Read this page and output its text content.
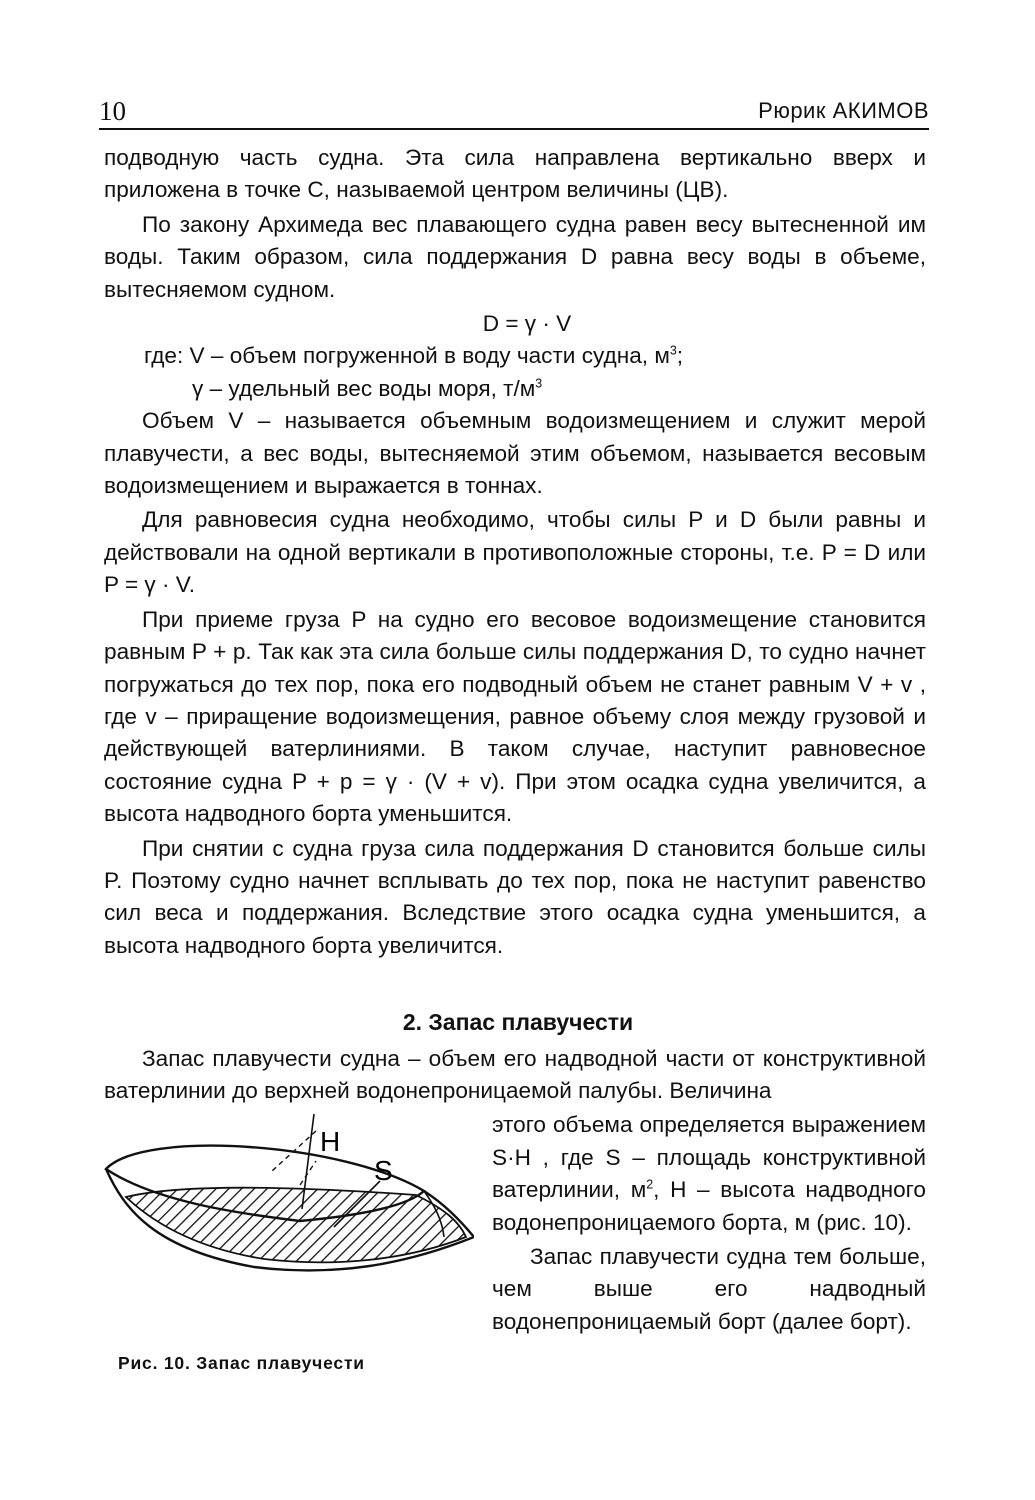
10	Рюрик АКИМОВ

подводную часть судна. Эта сила направлена вертикально вверх и приложена в точке С, называемой центром величины (ЦВ).

По закону Архимеда вес плавающего судна равен весу вытесненной им воды. Таким образом, сила поддержания D равна весу воды в объеме, вытесняемом судном.

D = γ · V

где: V – объем погруженной в воду части судна, $м^3$;

γ – удельный вес воды моря, $т/м^3$

Объем V – называется объемным водоизмещением и служит мерой плавучести, а вес воды, вытесняемой этим объемом, называется весовым водоизмещением и выражается в тоннах.

Для равновесия судна необходимо, чтобы силы P и D были равны и действовали на одной вертикали в противоположные стороны, т.е. P = D или P = γ · V.

При приеме груза P на судно его весовое водоизмещение становится равным P + p. Так как эта сила больше силы поддержания D, то судно начнет погружаться до тех пор, пока его подводный объем не станет равным V + v , где v – приращение водоизмещения, равное объему слоя между грузовой и действующей ватерлиниями. В таком случае, наступит равновесное состояние судна P + p = γ · (V + v). При этом осадка судна увеличится, а высота надводного борта уменьшится.

При снятии с судна груза сила поддержания D становится больше силы P. Поэтому судно начнет всплывать до тех пор, пока не наступит равенство сил веса и поддержания. Вследствие этого осадка судна уменьшится, а высота надводного борта увеличится.

2. Запас плавучести

Запас плавучести судна – объем его надводной части от конструктивной ватерлинии до верхней водонепроницаемой палубы. Величина

H
S
Рис. 10. Запас плавучести

этого объема определяется выражением S·H , где S – площадь конструктивной ватерлинии, $м^2$, H – высота надводного водонепроницаемого борта, м (рис. 10).

Запас плавучести судна тем больше, чем выше его надводный водонепроницаемый борт (далее борт).
